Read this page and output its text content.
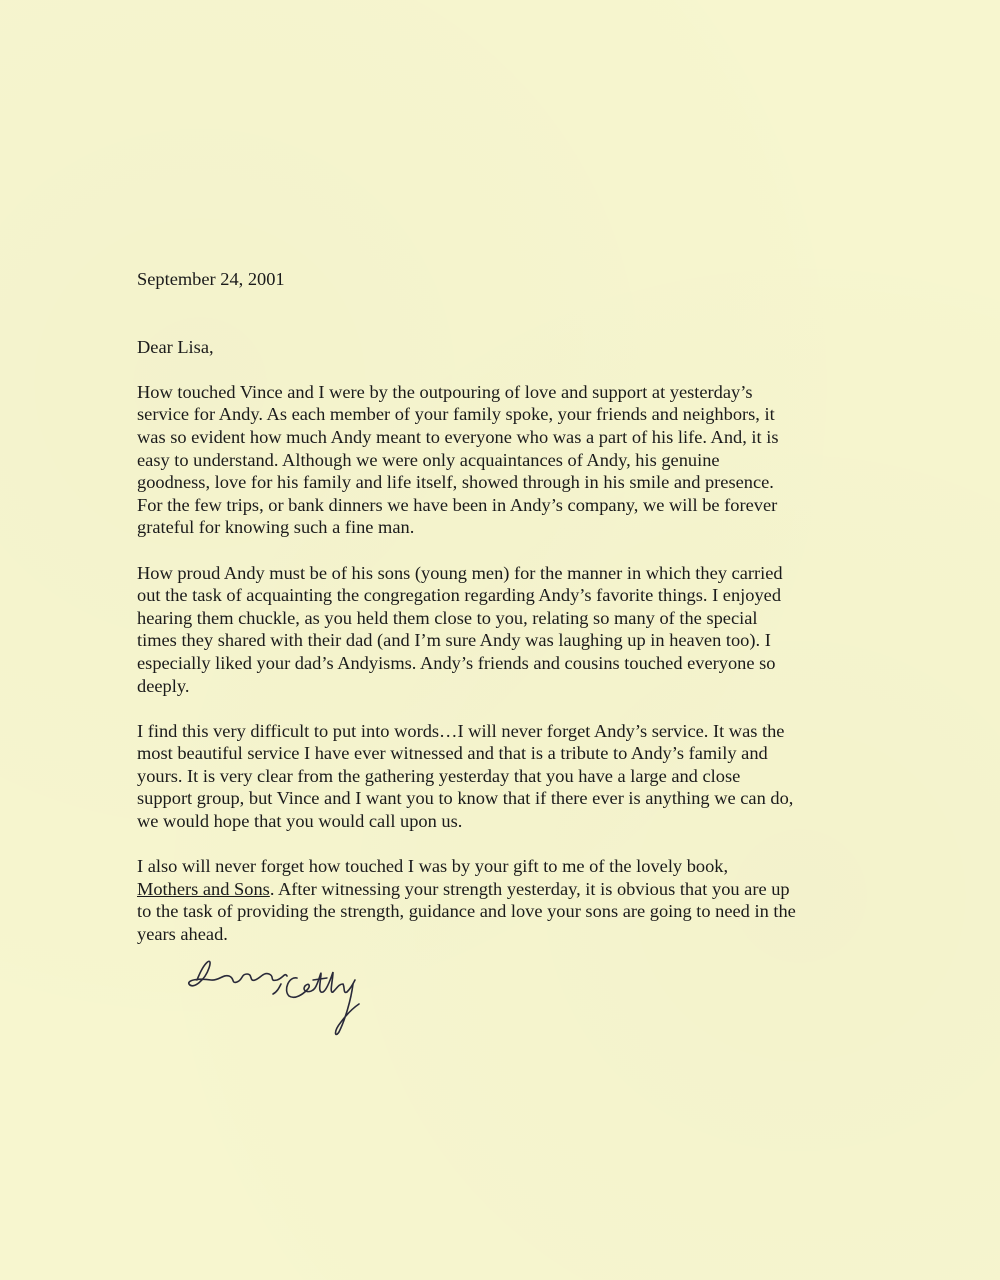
September 24, 2001

Dear Lisa,

How touched Vince and I were by the outpouring of love and support at yesterday’s
service for Andy. As each member of your family spoke, your friends and neighbors, it
was so evident how much Andy meant to everyone who was a part of his life. And, it is
easy to understand. Although we were only acquaintances of Andy, his genuine
goodness, love for his family and life itself, showed through in his smile and presence.
For the few trips, or bank dinners we have been in Andy’s company, we will be forever
grateful for knowing such a fine man.

How proud Andy must be of his sons (young men) for the manner in which they carried
out the task of acquainting the congregation regarding Andy’s favorite things. I enjoyed
hearing them chuckle, as you held them close to you, relating so many of the special
times they shared with their dad (and I’m sure Andy was laughing up in heaven too). I
especially liked your dad’s Andyisms. Andy’s friends and cousins touched everyone so
deeply.

I find this very difficult to put into words…I will never forget Andy’s service. It was the
most beautiful service I have ever witnessed and that is a tribute to Andy’s family and
yours. It is very clear from the gathering yesterday that you have a large and close
support group, but Vince and I want you to know that if there ever is anything we can do,
we would hope that you would call upon us.

I also will never forget how touched I was by your gift to me of the lovely book,
Mothers and Sons. After witnessing your strength yesterday, it is obvious that you are up
to the task of providing the strength, guidance and love your sons are going to need in the
years ahead.
